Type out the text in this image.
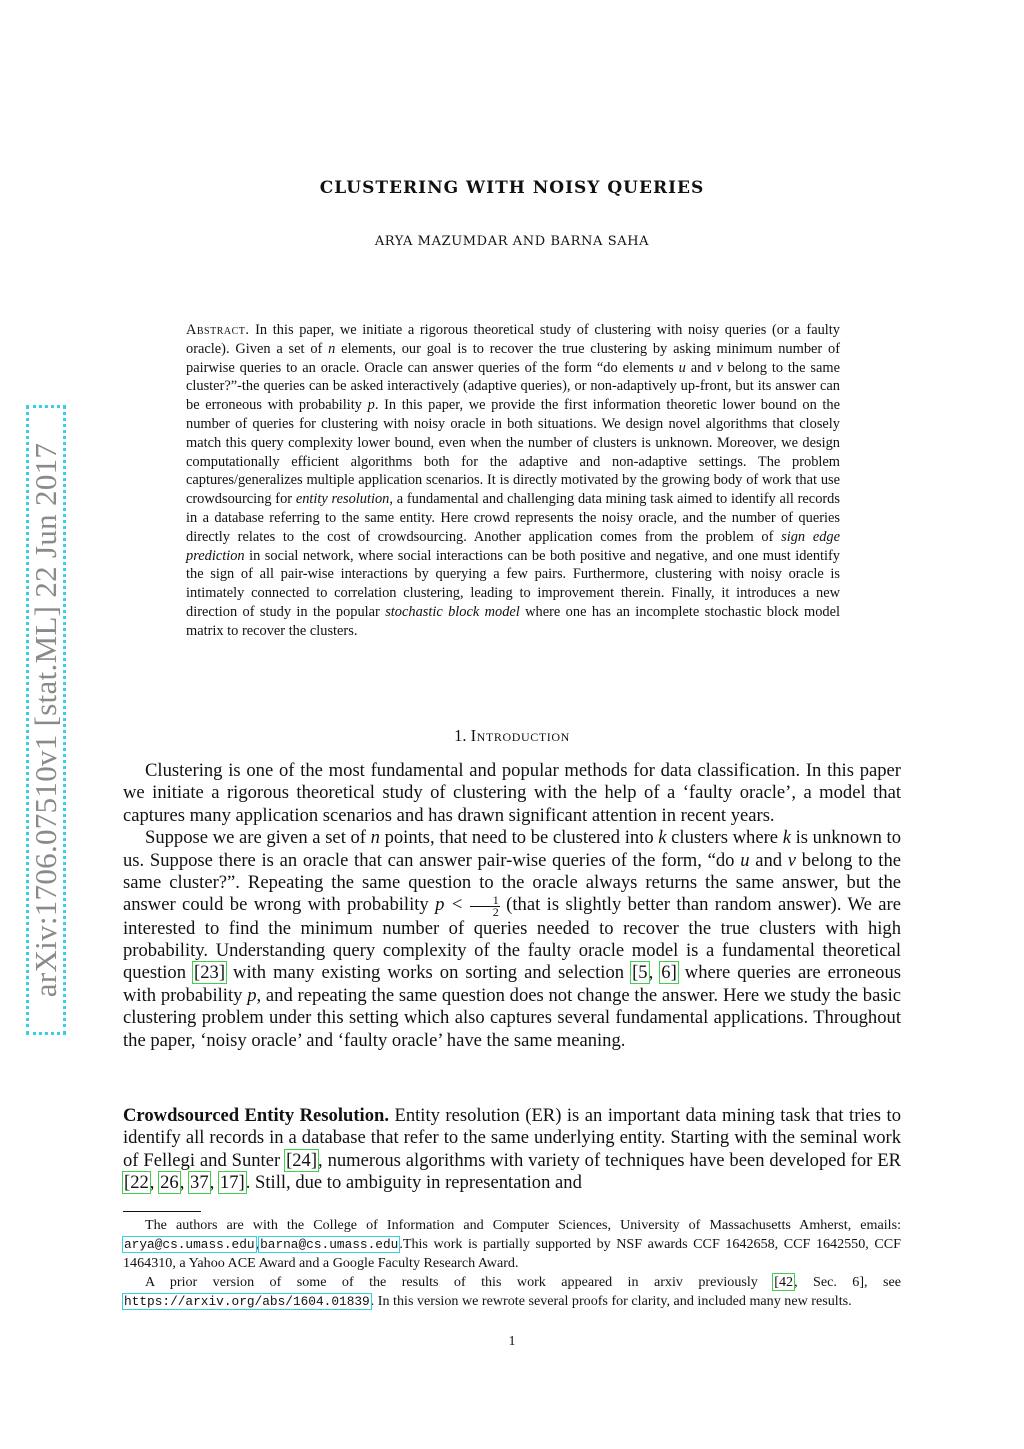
arXiv:1706.07510v1 [stat.ML] 22 Jun 2017
CLUSTERING WITH NOISY QUERIES
ARYA MAZUMDAR AND BARNA SAHA
Abstract. In this paper, we initiate a rigorous theoretical study of clustering with noisy queries (or a faulty oracle). Given a set of n elements, our goal is to recover the true clustering by asking minimum number of pairwise queries to an oracle. Oracle can answer queries of the form “do elements u and v belong to the same cluster?”-the queries can be asked interactively (adaptive queries), or non-adaptively up-front, but its answer can be erroneous with probability p. In this paper, we provide the first information theoretic lower bound on the number of queries for clustering with noisy oracle in both situations. We design novel algorithms that closely match this query complexity lower bound, even when the number of clusters is unknown. Moreover, we design computationally efficient algorithms both for the adaptive and non-adaptive settings. The problem captures/generalizes multiple application scenarios. It is directly motivated by the growing body of work that use crowdsourcing for entity resolution, a fundamental and challenging data mining task aimed to identify all records in a database referring to the same entity. Here crowd represents the noisy oracle, and the number of queries directly relates to the cost of crowdsourcing. Another application comes from the problem of sign edge prediction in social network, where social interactions can be both positive and negative, and one must identify the sign of all pair-wise interactions by querying a few pairs. Furthermore, clustering with noisy oracle is intimately connected to correlation clustering, leading to improvement therein. Finally, it introduces a new direction of study in the popular stochastic block model where one has an incomplete stochastic block model matrix to recover the clusters.
1. Introduction

Clustering is one of the most fundamental and popular methods for data classification. In this paper we initiate a rigorous theoretical study of clustering with the help of a ‘faulty oracle’, a model that captures many application scenarios and has drawn significant attention in recent years.

Suppose we are given a set of n points, that need to be clustered into k clusters where k is unknown to us. Suppose there is an oracle that can answer pair-wise queries of the form, “do u and v belong to the same cluster?”. Repeating the same question to the oracle always returns the same answer, but the answer could be wrong with probability $p < \frac{1}{2}$ (that is slightly better than random answer). We are interested to find the minimum number of queries needed to recover the true clusters with high probability. Understanding query complexity of the faulty oracle model is a fundamental theoretical question [23] with many existing works on sorting and selection [5, 6] where queries are erroneous with probability p, and repeating the same question does not change the answer. Here we study the basic clustering problem under this setting which also captures several fundamental applications. Throughout the paper, ‘noisy oracle’ and ‘faulty oracle’ have the same meaning.

Crowdsourced Entity Resolution. Entity resolution (ER) is an important data mining task that tries to identify all records in a database that refer to the same underlying entity. Starting with the seminal work of Fellegi and Sunter [24], numerous algorithms with variety of techniques have been developed for ER [22, 26, 37, 17]. Still, due to ambiguity in representation and

The authors are with the College of Information and Computer Sciences, University of Massachusetts Amherst, emails: arya@cs.umass.edu,barna@cs.umass.edu.This work is partially supported by NSF awards CCF 1642658, CCF 1642550, CCF 1464310, a Yahoo ACE Award and a Google Faculty Research Award.

A prior version of some of the results of this work appeared in arxiv previously [42, Sec. 6], see https://arxiv.org/abs/1604.01839. In this version we rewrote several proofs for clarity, and included many new results.

1
